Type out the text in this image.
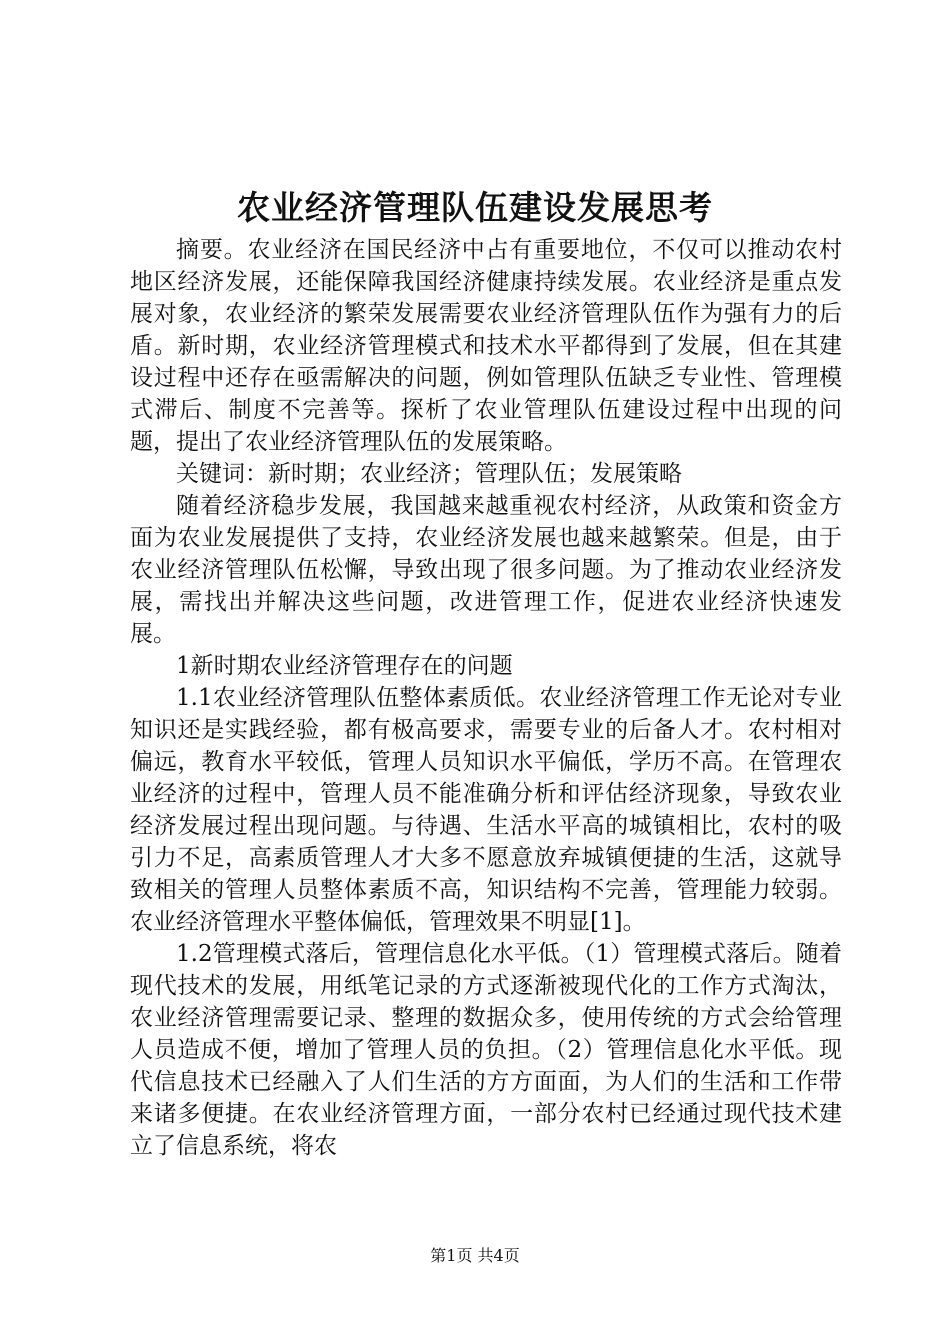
农业经济管理队伍建设发展思考

摘要。农业经济在国民经济中占有重要地位，不仅可以推动农村地区经济发展，还能保障我国经济健康持续发展。农业经济是重点发展对象，农业经济的繁荣发展需要农业经济管理队伍作为强有力的后盾。新时期，农业经济管理模式和技术水平都得到了发展，但在其建设过程中还存在亟需解决的问题，例如管理队伍缺乏专业性、管理模式滞后、制度不完善等。探析了农业管理队伍建设过程中出现的问题，提出了农业经济管理队伍的发展策略。

关键词：新时期；农业经济；管理队伍；发展策略

随着经济稳步发展，我国越来越重视农村经济，从政策和资金方面为农业发展提供了支持，农业经济发展也越来越繁荣。但是，由于农业经济管理队伍松懈，导致出现了很多问题。为了推动农业经济发展，需找出并解决这些问题，改进管理工作，促进农业经济快速发展。

1新时期农业经济管理存在的问题

1.1农业经济管理队伍整体素质低。农业经济管理工作无论对专业知识还是实践经验，都有极高要求，需要专业的后备人才。农村相对偏远，教育水平较低，管理人员知识水平偏低，学历不高。在管理农业经济的过程中，管理人员不能准确分析和评估经济现象，导致农业经济发展过程出现问题。与待遇、生活水平高的城镇相比，农村的吸引力不足，高素质管理人才大多不愿意放弃城镇便捷的生活，这就导致相关的管理人员整体素质不高，知识结构不完善，管理能力较弱。农业经济管理水平整体偏低，管理效果不明显[1]。

1.2管理模式落后，管理信息化水平低。（1）管理模式落后。随着现代技术的发展，用纸笔记录的方式逐渐被现代化的工作方式淘汰，农业经济管理需要记录、整理的数据众多，使用传统的方式会给管理人员造成不便，增加了管理人员的负担。（2）管理信息化水平低。现代信息技术已经融入了人们生活的方方面面，为人们的生活和工作带来诸多便捷。在农业经济管理方面，一部分农村已经通过现代技术建立了信息系统，将农

第1页 共4页
